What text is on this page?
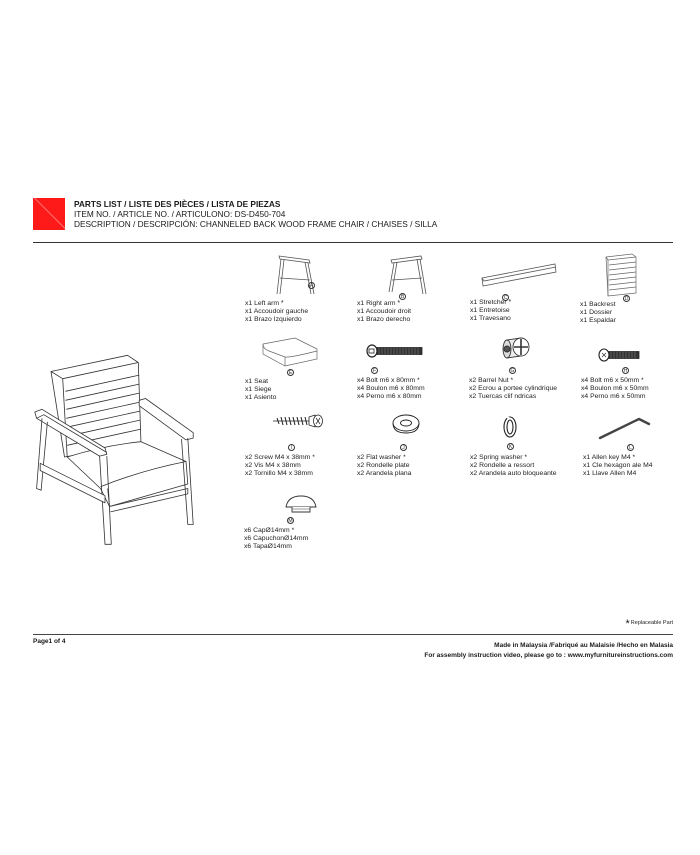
PARTS LIST / LISTE DES PIÈCES / LISTA DE PIEZAS
ITEM NO. / ARTICLE NO. / ARTICULONO: DS-D450-704
DESCRIPTION / DESCRIPCIÓN: CHANNELED BACK WOOD FRAME CHAIR / CHAISES / SILLA
A
x1 Left arm *
x1 Accoudoir gauche
x1 Brazo Izquierdo
B
x1 Right arm *
x1 Accoudoir droit
x1 Brazo derecho
C
x1 Stretcher *
x1 Entretoise
x1 Travesano
D
x1 Backrest
x1 Dossier
x1 Espaldar
E
x1 Seat
x1 Siege
x1 Asiento
F
x4 Bolt m6 x 80mm *
x4 Boulon m6 x 80mm
x4 Perno m6 x 80mm
G
x2 Barrel Nut *
x2 Ecrou a portee cylindrique
x2 Tuercas clif ndricas
H
x4 Bolt m6 x 50mm *
x4 Boulon m6 x 50mm
x4 Perno m6 x 50mm
I
x2 Screw M4 x 38mm *
x2 Vis M4 x 38mm
x2 Tornillo M4 x 38mm
J
x2 Flat washer *
x2 Rondelle plate
x2 Arandela plana
K
x2 Spring washer *
x2 Rondelle a ressort
x2 Arandela auto bloqueante
L
x1 Allen key M4 *
x1 Cle hexagon ale M4
x1 Llave Allen M4
M
x6 CapØ14mm *
x6 CapuchonØ14mm
x6 TapaØ14mm
*Replaceable Part
Page1 of 4
Made in Malaysia /Fabriqué au Malaisie /Hecho en Malasia
For assembly instruction video, please go to : www.myfurnitureinstructions.com
